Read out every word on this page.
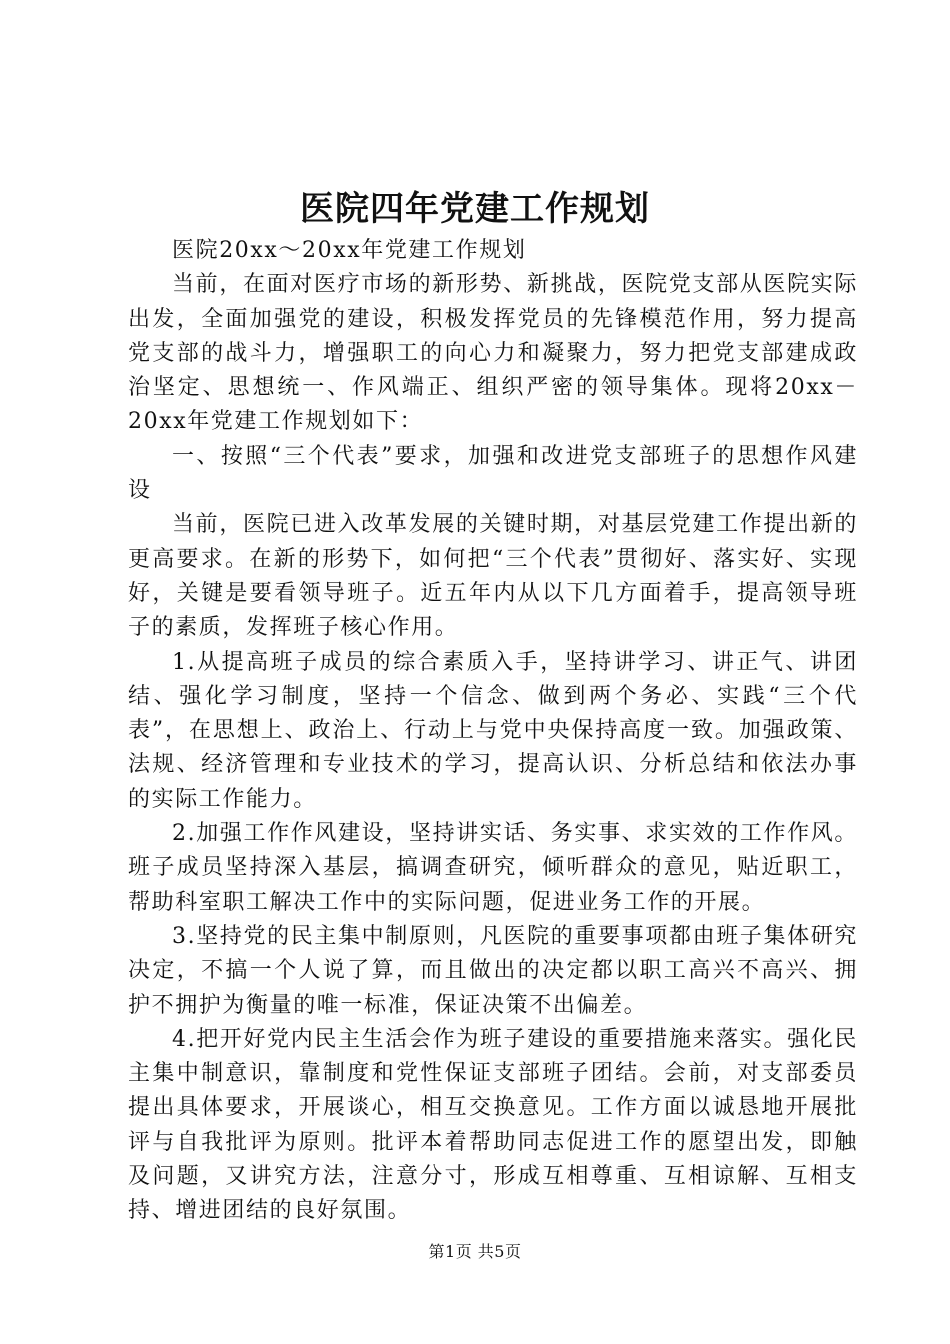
医院四年党建工作规划

医院20xx～20xx年党建工作规划

当前，在面对医疗市场的新形势、新挑战，医院党支部从医院实际出发，全面加强党的建设，积极发挥党员的先锋模范作用，努力提高党支部的战斗力，增强职工的向心力和凝聚力，努力把党支部建成政治坚定、思想统一、作风端正、组织严密的领导集体。现将20xx－20xx年党建工作规划如下：

一、按照“三个代表”要求，加强和改进党支部班子的思想作风建设

当前，医院已进入改革发展的关键时期，对基层党建工作提出新的更高要求。在新的形势下，如何把“三个代表”贯彻好、落实好、实现好，关键是要看领导班子。近五年内从以下几方面着手，提高领导班子的素质，发挥班子核心作用。

1.从提高班子成员的综合素质入手，坚持讲学习、讲正气、讲团结、强化学习制度，坚持一个信念、做到两个务必、实践“三个代表”，在思想上、政治上、行动上与党中央保持高度一致。加强政策、法规、经济管理和专业技术的学习，提高认识、分析总结和依法办事的实际工作能力。

2.加强工作作风建设，坚持讲实话、务实事、求实效的工作作风。班子成员坚持深入基层，搞调查研究，倾听群众的意见，贴近职工，帮助科室职工解决工作中的实际问题，促进业务工作的开展。

3.坚持党的民主集中制原则，凡医院的重要事项都由班子集体研究决定，不搞一个人说了算，而且做出的决定都以职工高兴不高兴、拥护不拥护为衡量的唯一标准，保证决策不出偏差。

4.把开好党内民主生活会作为班子建设的重要措施来落实。强化民主集中制意识，靠制度和党性保证支部班子团结。会前，对支部委员提出具体要求，开展谈心，相互交换意见。工作方面以诚恳地开展批评与自我批评为原则。批评本着帮助同志促进工作的愿望出发，即触及问题，又讲究方法，注意分寸，形成互相尊重、互相谅解、互相支持、增进团结的良好氛围。

第1页 共5页
